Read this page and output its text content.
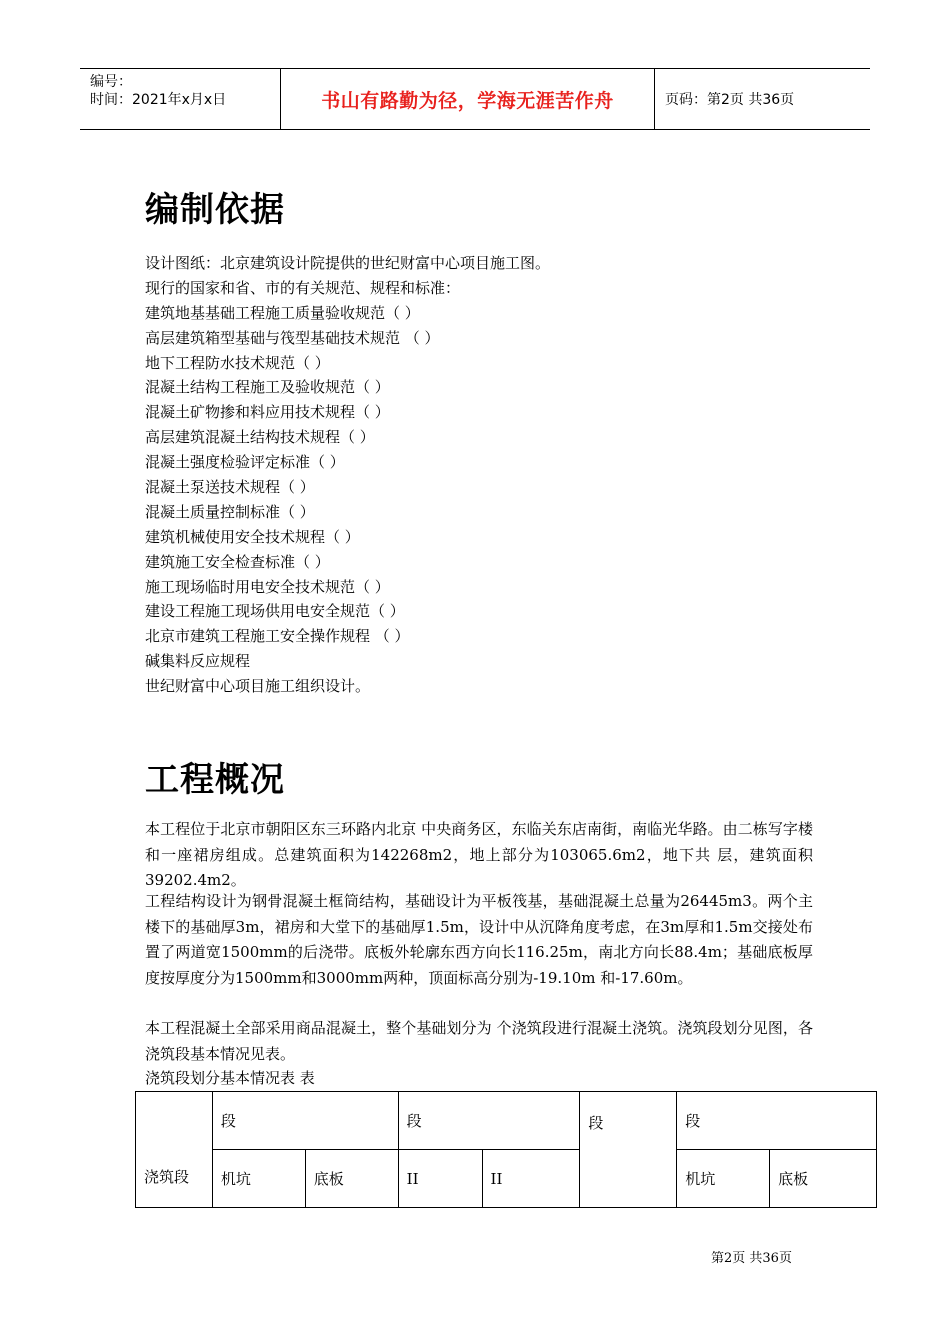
编号：
时间：2021年x月x日	书山有路勤为径，学海无涯苦作舟	页码：第2页 共36页
编制依据
设计图纸：北京建筑设计院提供的世纪财富中心项目施工图。
现行的国家和省、市的有关规范、规程和标准：
建筑地基基础工程施工质量验收规范（ ）
高层建筑箱型基础与筏型基础技术规范 （ ）
地下工程防水技术规范（ ）
混凝土结构工程施工及验收规范（ ）
混凝土矿物掺和料应用技术规程（ ）
高层建筑混凝土结构技术规程（ ）
混凝土强度检验评定标准（ ）
混凝土泵送技术规程（ ）
混凝土质量控制标准（ ）
建筑机械使用安全技术规程（ ）
建筑施工安全检查标准（ ）
施工现场临时用电安全技术规范（ ）
建设工程施工现场供用电安全规范（ ）
北京市建筑工程施工安全操作规程 （ ）
碱集料反应规程
世纪财富中心项目施工组织设计。
工程概况
本工程位于北京市朝阳区东三环路内北京 中央商务区，东临关东店南街，南临光华路。由二栋写字楼和一座裙房组成。总建筑面积为142268m2，地上部分为103065.6m2，地下共 层，建筑面积39202.4m2。
工程结构设计为钢骨混凝土框筒结构，基础设计为平板筏基，基础混凝土总量为26445m3。两个主楼下的基础厚3m，裙房和大堂下的基础厚1.5m，设计中从沉降角度考虑，在3m厚和1.5m交接处布置了两道宽1500mm的后浇带。底板外轮廓东西方向长116.25m，南北方向长88.4m；基础底板厚度按厚度分为1500mm和3000mm两种，顶面标高分别为-19.10m 和-17.60m。
本工程混凝土全部采用商品混凝土，整个基础划分为 个浇筑段进行混凝土浇筑。浇筑段划分见图，各浇筑段基本情况见表。
浇筑段划分基本情况表 表
浇筑段	段		段		段	段	
	机坑	底板	II	II		机坑	底板
第2页 共36页
